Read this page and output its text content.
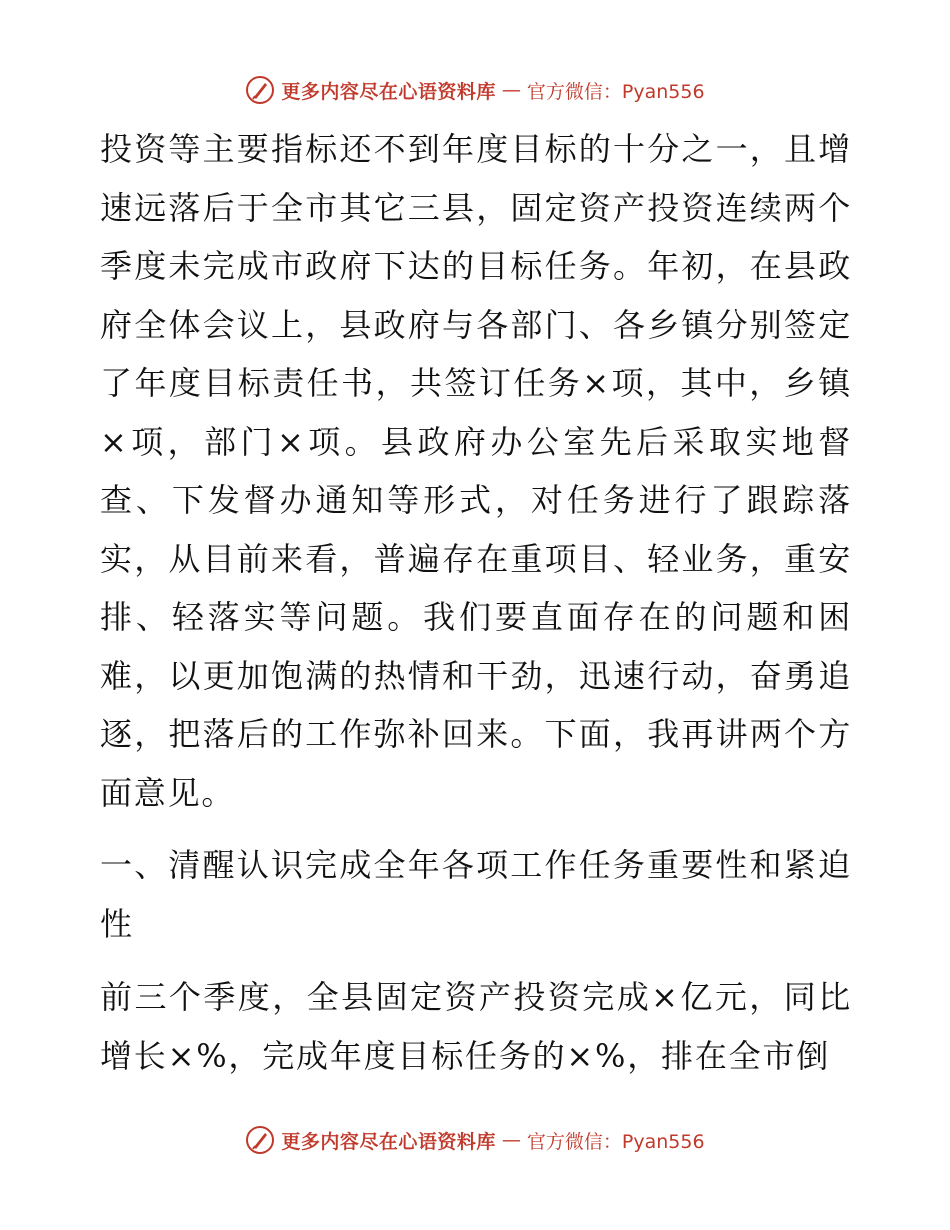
更多内容尽在心语资料库 — 官方微信：Pyan556
投资等主要指标还不到年度目标的十分之一，且增速远落后于全市其它三县，固定资产投资连续两个季度未完成市政府下达的目标任务。年初，在县政府全体会议上，县政府与各部门、各乡镇分别签定了年度目标责任书，共签订任务×项，其中，乡镇×项，部门×项。县政府办公室先后采取实地督查、下发督办通知等形式，对任务进行了跟踪落实，从目前来看，普遍存在重项目、轻业务，重安排、轻落实等问题。我们要直面存在的问题和困难，以更加饱满的热情和干劲，迅速行动，奋勇追逐，把落后的工作弥补回来。下面，我再讲两个方面意见。
一、清醒认识完成全年各项工作任务重要性和紧迫性
前三个季度，全县固定资产投资完成×亿元，同比增长×%，完成年度目标任务的×%，排在全市倒
更多内容尽在心语资料库 — 官方微信：Pyan556
